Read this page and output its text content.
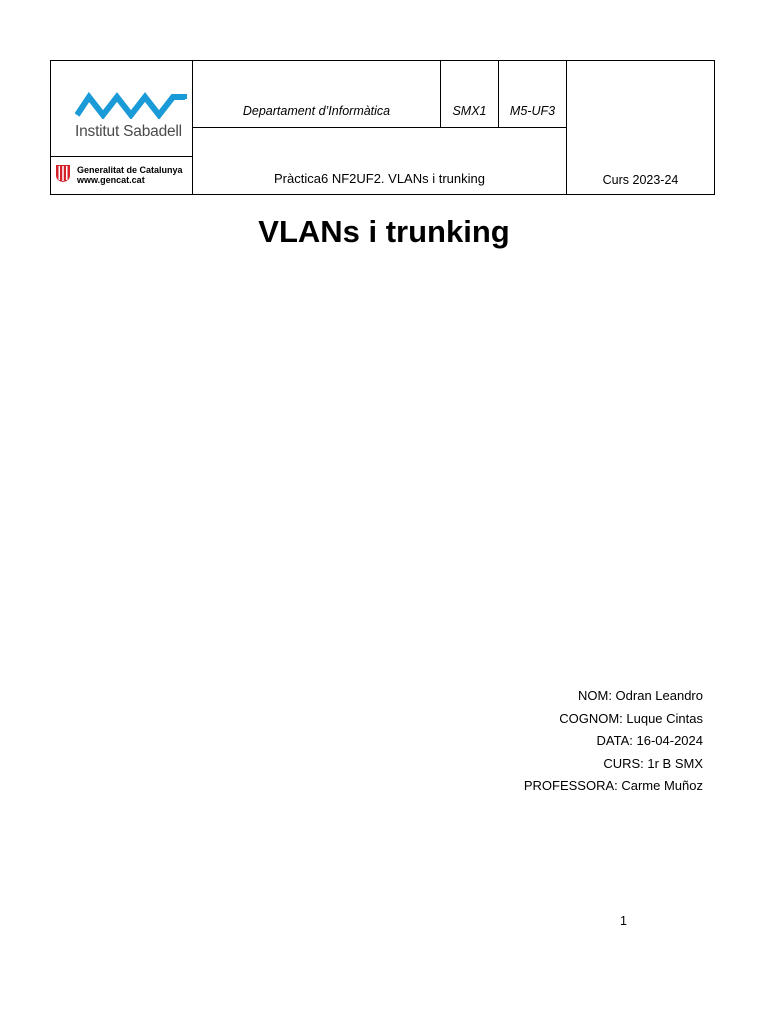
Institut Sabadell
Generalitat de Catalunya
www.gencat.cat
Departament d’Informàtica	SMX1 M5-UF3
Pràctica6 NF2UF2. VLANs i trunking	Curs 2023-24
VLANs i trunking
NOM: Odran Leandro
COGNOM: Luque Cintas
DATA: 16-04-2024
CURS: 1r B SMX
PROFESSORA: Carme Muñoz
1
